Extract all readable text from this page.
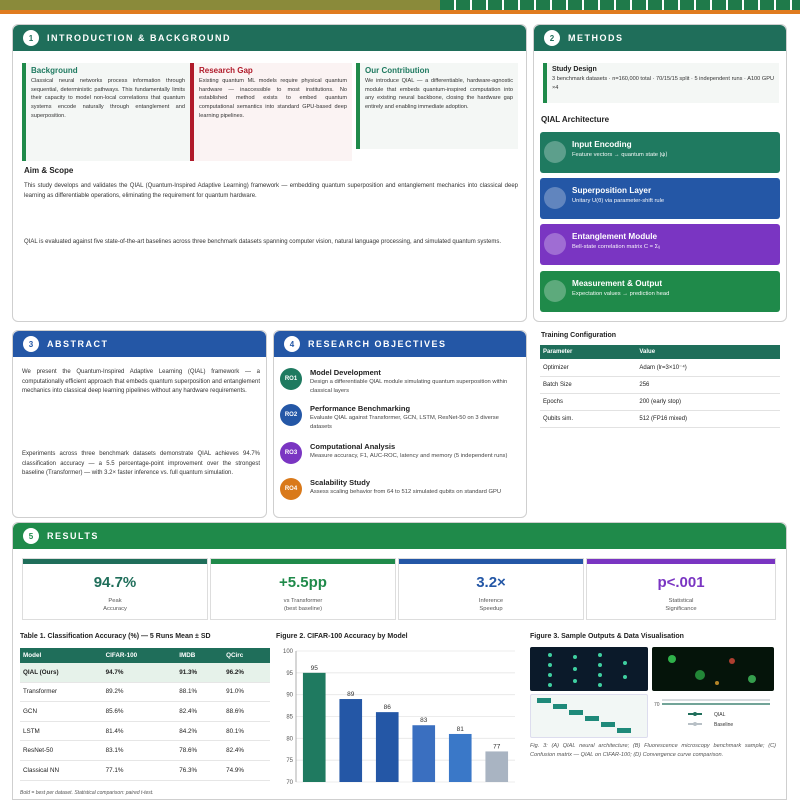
1	INTRODUCTION & BACKGROUND
Background

Classical neural networks process information through sequential, deterministic pathways. This fundamentally limits their capacity to model non-local correlations that quantum systems encode naturally through entanglement and superposition.

Research Gap

Existing quantum ML models require physical quantum hardware — inaccessible to most institutions. No established method exists to embed quantum computational semantics into standard GPU-based deep learning pipelines.

Our Contribution

We introduce QIAL — a differentiable, hardware-agnostic module that embeds quantum-inspired computation into any existing neural backbone, closing the hardware gap entirely and enabling immediate adoption.

Aim & Scope
This study develops and validates the QIAL (Quantum-Inspired Adaptive Learning) framework — embedding quantum superposition and entanglement mechanics into classical deep learning as differentiable operations, eliminating the requirement for quantum hardware.
QIAL is evaluated against five state-of-the-art baselines across three benchmark datasets spanning computer vision, natural language processing, and simulated quantum systems.
2	METHODS
Study Design

3 benchmark datasets · n=160,000 total · 70/15/15 split · 5 independent runs · A100 GPU ×4

QIAL Architecture
Input Encoding
Feature vectors → quantum state |ψ⟩
Superposition Layer
Unitary U(θ) via parameter-shift rule
Entanglement Module
Bell-state correlation matrix C = Σᵢⱼ
Measurement & Output
Expectation values → prediction head
Training Configuration
Parameter	Value
Optimizer	Adam (lr=3×10⁻⁴)
Batch Size	256
Epochs	200 (early stop)
Qubits sim.	512 (FP16 mixed)
3	ABSTRACT
We present the Quantum-Inspired Adaptive Learning (QIAL) framework — a computationally efficient approach that embeds quantum superposition and entanglement mechanics into classical deep learning pipelines without any hardware requirements.
Experiments across three benchmark datasets demonstrate QIAL achieves 94.7% classification accuracy — a 5.5 percentage-point improvement over the strongest baseline (Transformer) — with 3.2× faster inference vs. full quantum simulation.
4	RESEARCH OBJECTIVES
RO1
Model Development
Design a differentiable QIAL module simulating quantum superposition within classical layers
RO2
Performance Benchmarking
Evaluate QIAL against Transformer, GCN, LSTM, ResNet-50 on 3 diverse datasets
RO3
Computational Analysis
Measure accuracy, F1, AUC-ROC, latency and memory (5 independent runs)
RO4
Scalability Study
Assess scaling behavior from 64 to 512 simulated qubits on standard GPU
5	RESULTS
94.7%
Peak
Accuracy
+5.5pp
vs Transformer
(best baseline)
3.2×
Inference
Speedup
p<.001
Statistical
Significance
Table 1. Classification Accuracy (%) — 5 Runs Mean ± SD
Model	CIFAR-100	IMDB	QCirc
QIAL (Ours)	94.7%	91.3%	96.2%
Transformer	89.2%	88.1%	91.0%
GCN	85.6%	82.4%	88.6%
LSTM	81.4%	84.2%	80.1%
ResNet-50	83.1%	78.6%	82.4%
Classical NN	77.1%	76.3%	74.9%
Bold = best per dataset. Statistical comparison: paired t-test.
Figure 2. CIFAR-100 Accuracy by Model
70
75
80
85
90
95
100
95
89
86
83
81
77
Figure 3. Sample Outputs & Data Visualisation
70
QIAL
Baseline
Fig. 3: (A) QIAL neural architecture; (B) Fluorescence microscopy benchmark sample; (C) Confusion matrix — QIAL on CIFAR-100; (D) Convergence curve comparison.
